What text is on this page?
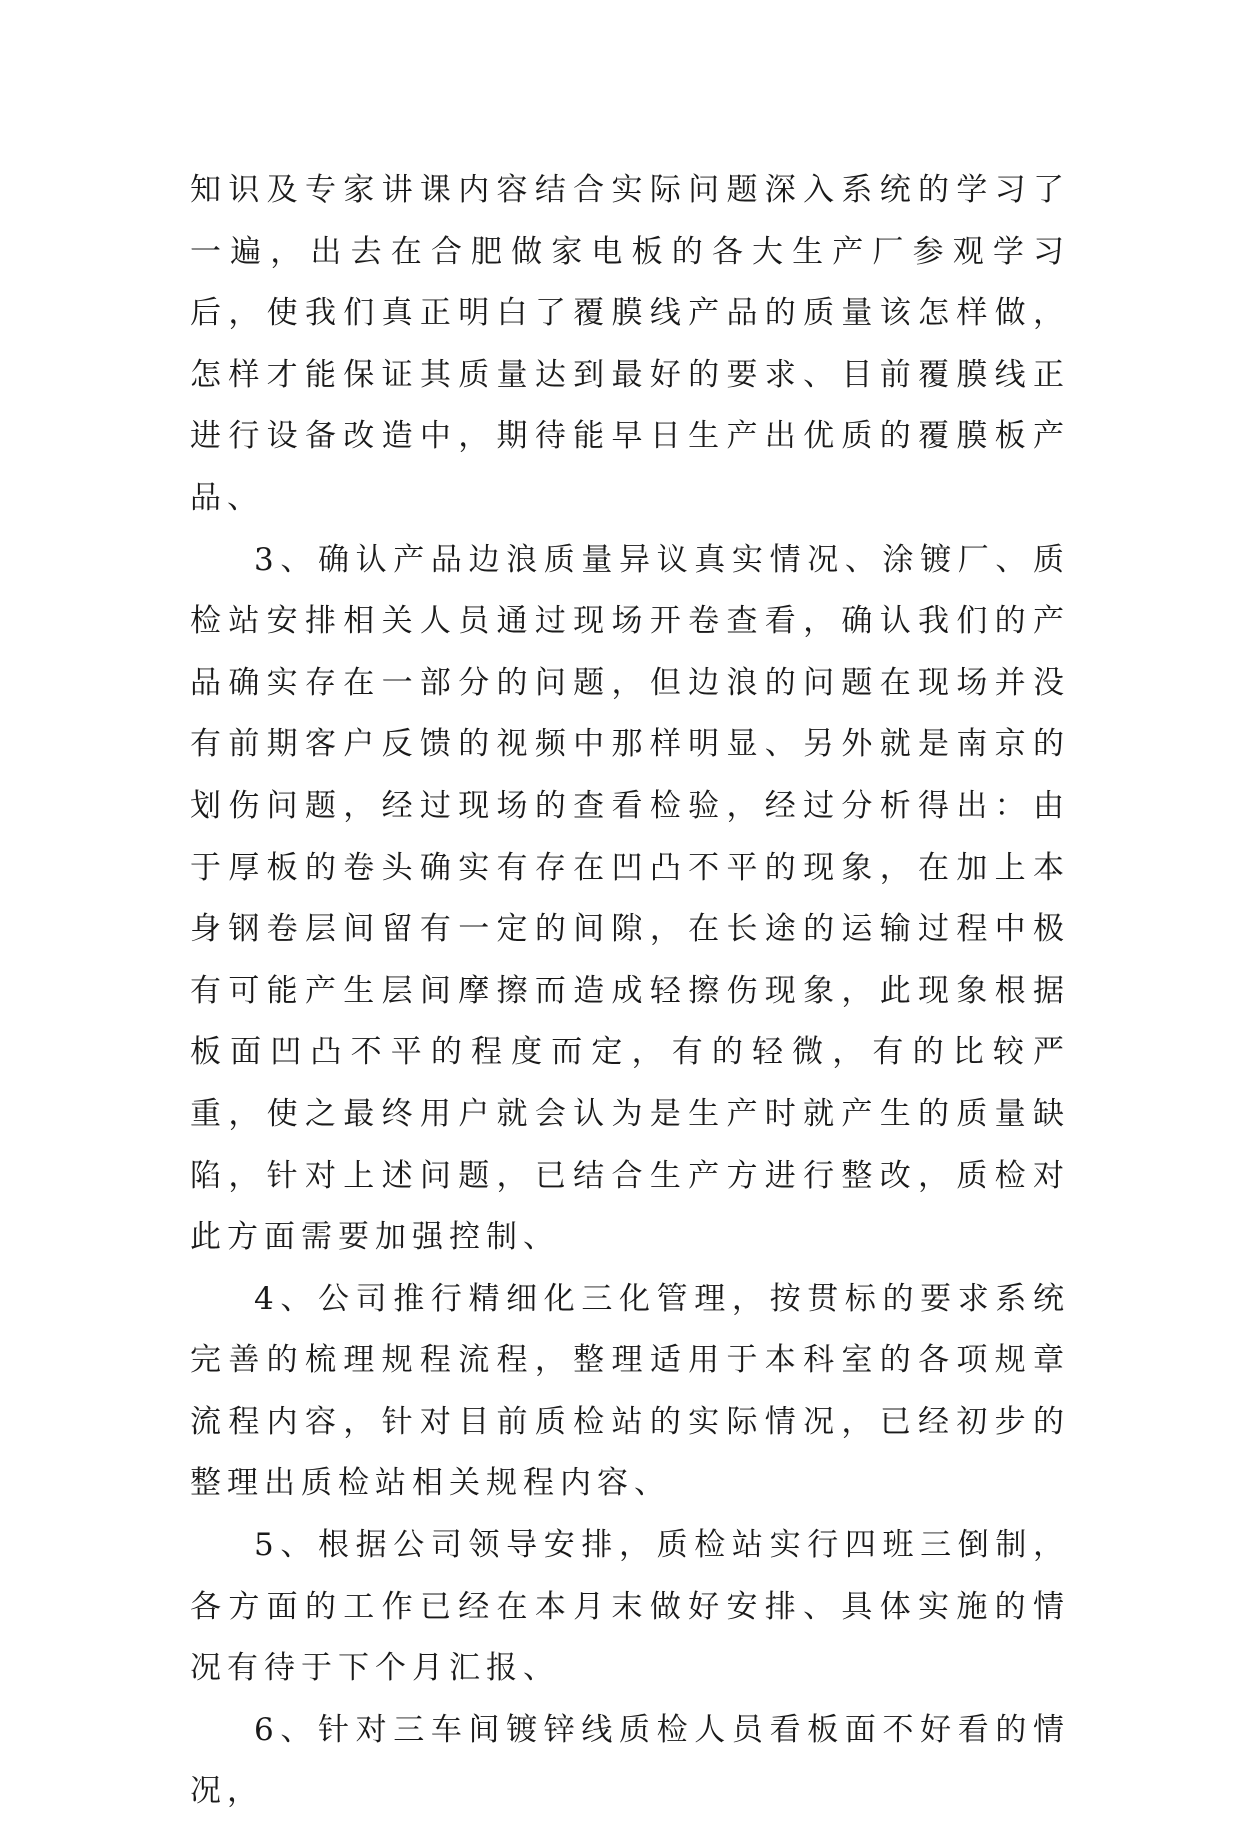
知识及专家讲课内容结合实际问题深入系统的学习了一遍，出去在合肥做家电板的各大生产厂参观学习后，使我们真正明白了覆膜线产品的质量该怎样做，怎样才能保证其质量达到最好的要求、目前覆膜线正进行设备改造中，期待能早日生产出优质的覆膜板产品、

3、确认产品边浪质量异议真实情况、涂镀厂、质检站安排相关人员通过现场开卷查看，确认我们的产品确实存在一部分的问题，但边浪的问题在现场并没有前期客户反馈的视频中那样明显、另外就是南京的划伤问题，经过现场的查看检验，经过分析得出：由于厚板的卷头确实有存在凹凸不平的现象，在加上本身钢卷层间留有一定的间隙，在长途的运输过程中极有可能产生层间摩擦而造成轻擦伤现象，此现象根据板面凹凸不平的程度而定，有的轻微，有的比较严重，使之最终用户就会认为是生产时就产生的质量缺陷，针对上述问题，已结合生产方进行整改，质检对此方面需要加强控制、

4、公司推行精细化三化管理，按贯标的要求系统完善的梳理规程流程，整理适用于本科室的各项规章流程内容，针对目前质检站的实际情况，已经初步的整理出质检站相关规程内容、

5、根据公司领导安排，质检站实行四班三倒制，各方面的工作已经在本月末做好安排、具体实施的情况有待于下个月汇报、

6、针对三车间镀锌线质检人员看板面不好看的情况，
